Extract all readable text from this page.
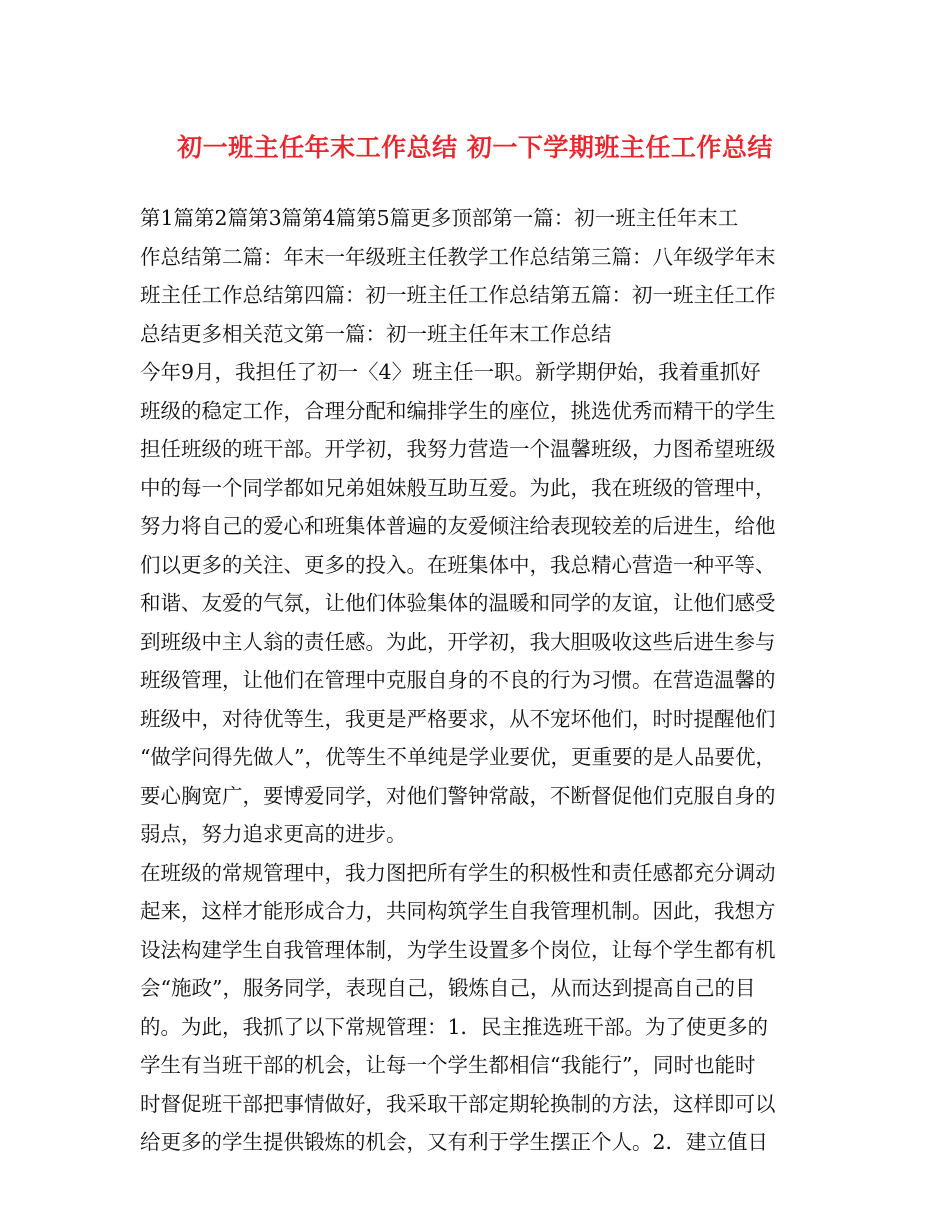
初一班主任年末工作总结 初一下学期班主任工作总结
第1篇第2篇第3篇第4篇第5篇更多顶部第一篇：初一班主任年末工
作总结第二篇：年末一年级班主任教学工作总结第三篇：八年级学年末
班主任工作总结第四篇：初一班主任工作总结第五篇：初一班主任工作
总结更多相关范文第一篇：初一班主任年末工作总结
今年9月，我担任了初一〈4〉班主任一职。新学期伊始，我着重抓好
班级的稳定工作，合理分配和编排学生的座位，挑选优秀而精干的学生
担任班级的班干部。开学初，我努力营造一个温馨班级，力图希望班级
中的每一个同学都如兄弟姐妹般互助互爱。为此，我在班级的管理中，
努力将自己的爱心和班集体普遍的友爱倾注给表现较差的后进生，给他
们以更多的关注、更多的投入。在班集体中，我总精心营造一种平等、
和谐、友爱的气氛，让他们体验集体的温暖和同学的友谊，让他们感受
到班级中主人翁的责任感。为此，开学初，我大胆吸收这些后进生参与
班级管理，让他们在管理中克服自身的不良的行为习惯。在营造温馨的
班级中，对待优等生，我更是严格要求，从不宠坏他们，时时提醒他们
“做学问得先做人”，优等生不单纯是学业要优，更重要的是人品要优，
要心胸宽广，要博爱同学，对他们警钟常敲，不断督促他们克服自身的
弱点，努力追求更高的进步。
在班级的常规管理中，我力图把所有学生的积极性和责任感都充分调动
起来，这样才能形成合力，共同构筑学生自我管理机制。因此，我想方
设法构建学生自我管理体制，为学生设置多个岗位，让每个学生都有机
会“施政”，服务同学，表现自己，锻炼自己，从而达到提高自己的目
的。为此，我抓了以下常规管理：1．民主推选班干部。为了使更多的
学生有当班干部的机会，让每一个学生都相信“我能行”，同时也能时
时督促班干部把事情做好，我采取干部定期轮换制的方法，这样即可以
给更多的学生提供锻炼的机会，又有利于学生摆正个人。2．建立值日
